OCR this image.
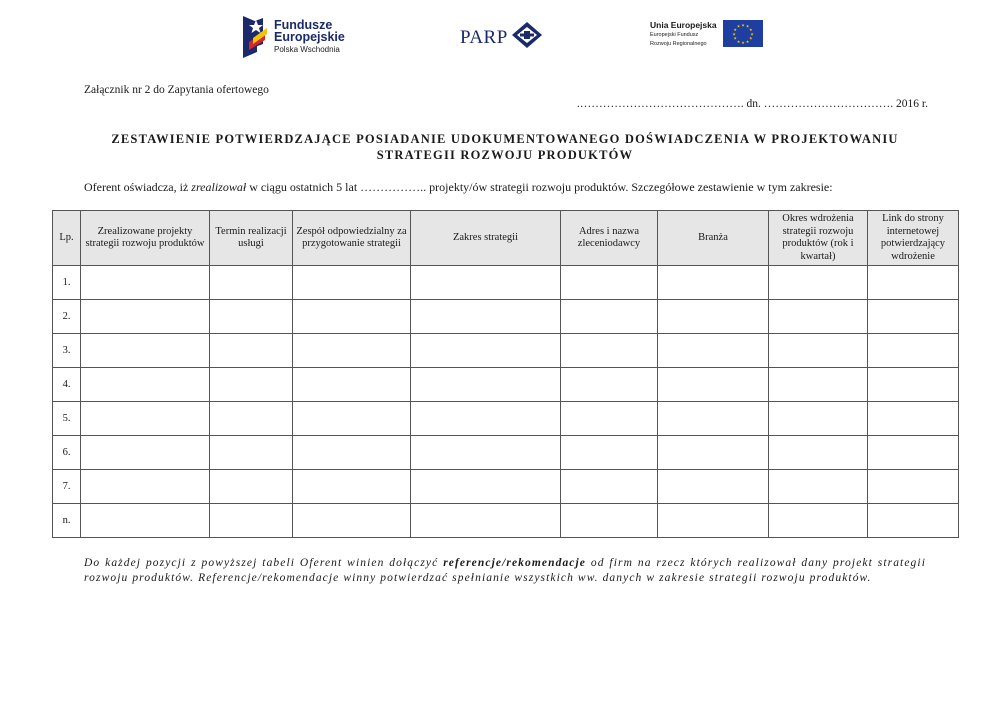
Fundusze
Europejskie
Polska Wschodnia
PARP
Unia Europejska
Europejski Fundusz
Rozwoju Regionalnego
★ ★
★
★
★
★
★
★
★
★
★
★
Załącznik nr 2 do Zapytania ofertowego
.……………………………………. dn. ……………………………. 2016 r.
ZESTAWIENIE POTWIERDZAJĄCE POSIADANIE UDOKUMENTOWANEGO DOŚWIADCZENIA W PROJEKTOWANIU
STRATEGII ROZWOJU PRODUKTÓW
Oferent oświadcza, iż zrealizował w ciągu ostatnich 5 lat …………….. projekty/ów strategii rozwoju produktów. Szczegółowe zestawienie w tym zakresie:
Lp.	Zrealizowane projekty strategii rozwoju produktów	Termin realizacji usługi	Zespół odpowiedzialny za przygotowanie strategii	Zakres strategii	Adres i nazwa zleceniodawcy	Branża	Okres wdrożenia strategii rozwoju produktów (rok i kwartał)	Link do strony internetowej potwierdzający wdrożenie
1.								
2.								
3.								
4.								
5.								
6.								
7.								
n.								
Do każdej pozycji z powyższej tabeli Oferent winien dołączyć referencje/rekomendacje od firm na rzecz których realizował dany projekt strategii rozwoju produktów. Referencje/rekomendacje winny potwierdzać spełnianie wszystkich ww. danych w zakresie strategii rozwoju produktów.
